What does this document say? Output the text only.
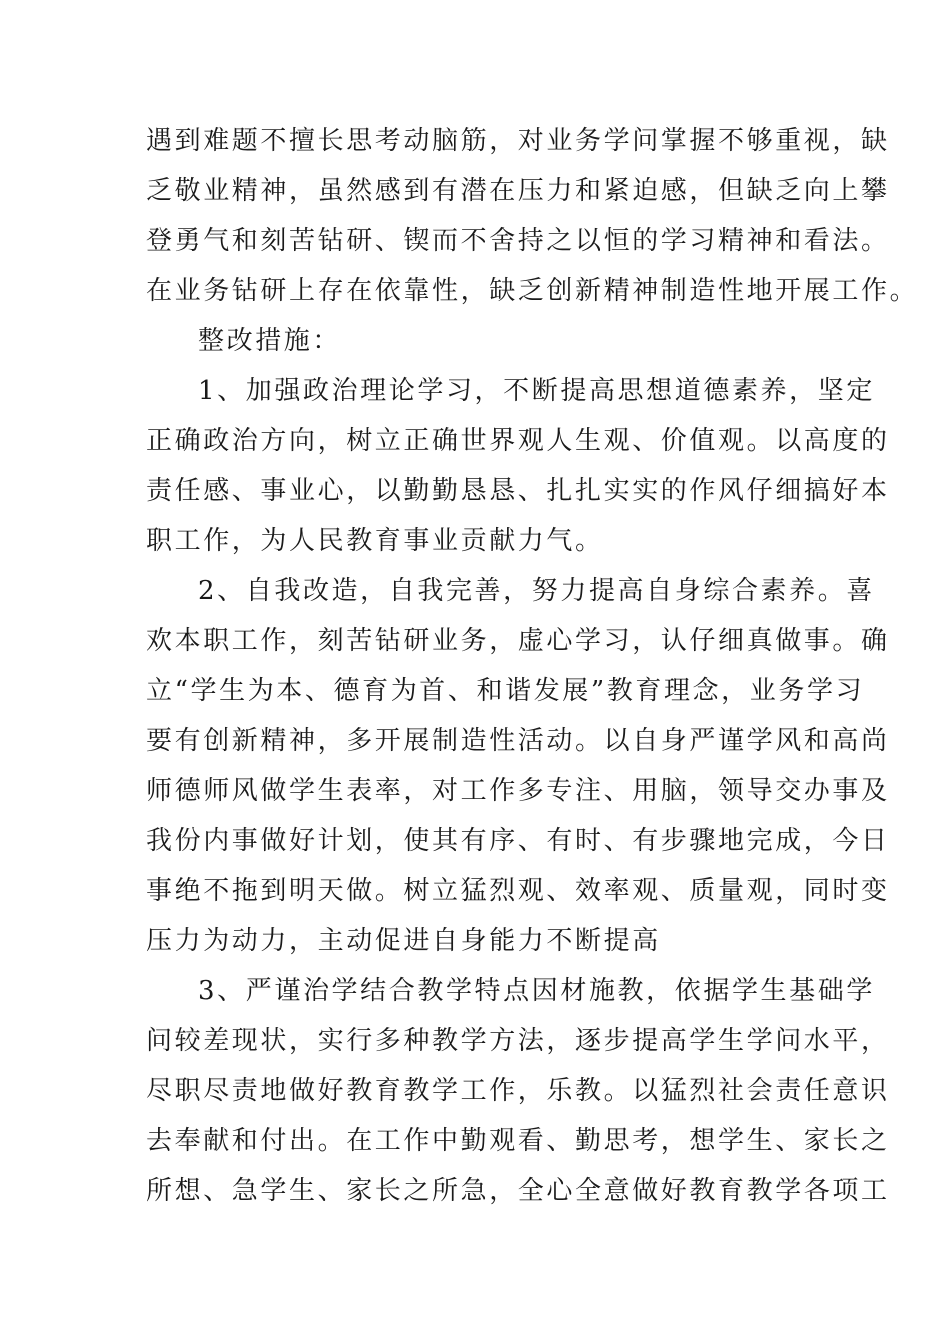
遇到难题不擅长思考动脑筋，对业务学问掌握不够重视，缺
乏敬业精神，虽然感到有潜在压力和紧迫感，但缺乏向上攀
登勇气和刻苦钻研、锲而不舍持之以恒的学习精神和看法。
在业务钻研上存在依靠性，缺乏创新精神制造性地开展工作。
整改措施：
1、加强政治理论学习，不断提高思想道德素养，坚定
正确政治方向，树立正确世界观人生观、价值观。以高度的
责任感、事业心，以勤勤恳恳、扎扎实实的作风仔细搞好本
职工作，为人民教育事业贡献力气。
2、自我改造，自我完善，努力提高自身综合素养。喜
欢本职工作，刻苦钻研业务，虚心学习，认仔细真做事。确
立“学生为本、德育为首、和谐发展”教育理念，业务学习
要有创新精神，多开展制造性活动。以自身严谨学风和高尚
师德师风做学生表率，对工作多专注、用脑，领导交办事及
我份内事做好计划，使其有序、有时、有步骤地完成，今日
事绝不拖到明天做。树立猛烈观、效率观、质量观，同时变
压力为动力，主动促进自身能力不断提高
3、严谨治学结合教学特点因材施教，依据学生基础学
问较差现状，实行多种教学方法，逐步提高学生学问水平，
尽职尽责地做好教育教学工作，乐教。以猛烈社会责任意识
去奉献和付出。在工作中勤观看、勤思考，想学生、家长之
所想、急学生、家长之所急，全心全意做好教育教学各项工
